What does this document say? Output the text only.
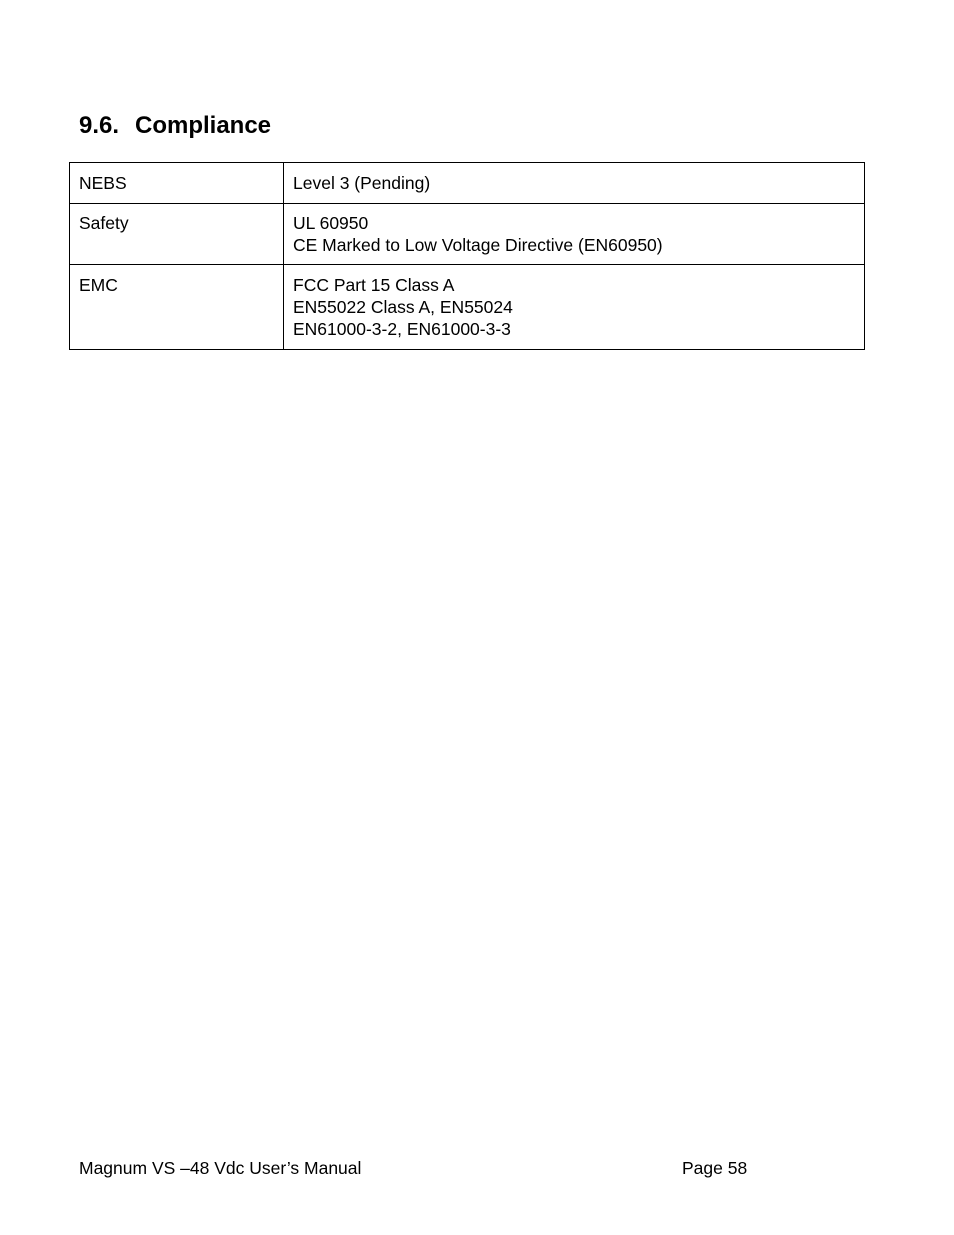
9.6. Compliance
NEBS	Level 3 (Pending)

Safety	UL 60950
CE Marked to Low Voltage Directive (EN60950)

EMC	FCC Part 15 Class A
EN55022 Class A, EN55024
EN61000-3-2, EN61000-3-3
Magnum VS –48 Vdc User’s Manual	Page 58
